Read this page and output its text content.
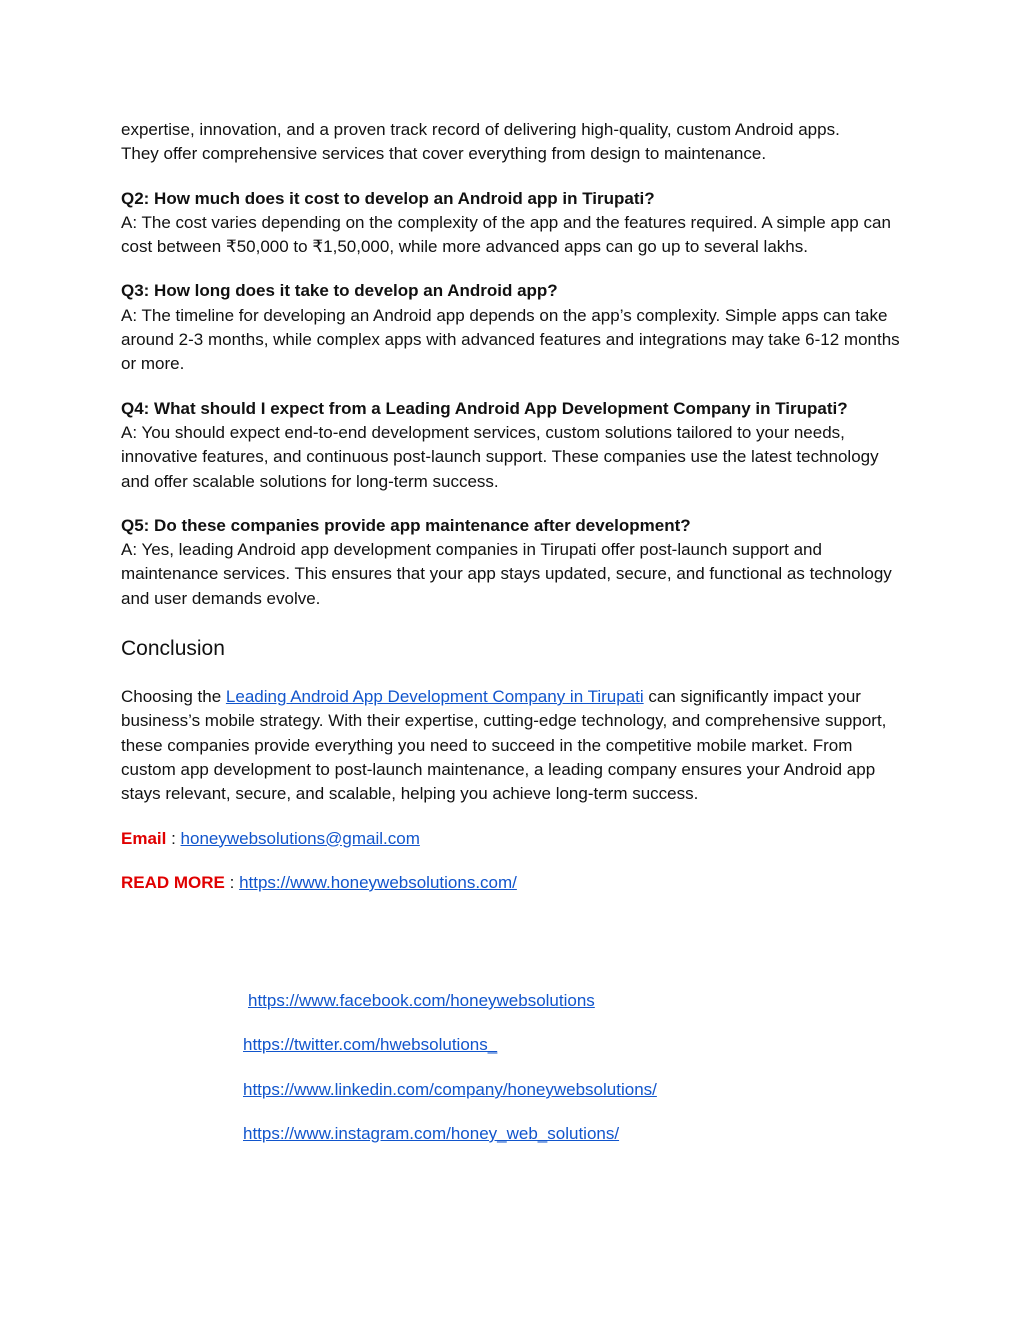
expertise, innovation, and a proven track record of delivering high-quality, custom Android apps.
They offer comprehensive services that cover everything from design to maintenance.

Q2: How much does it cost to develop an Android app in Tirupati?
A: The cost varies depending on the complexity of the app and the features required. A simple app can cost between ₹50,000 to ₹1,50,000, while more advanced apps can go up to several lakhs.

Q3: How long does it take to develop an Android app?
A: The timeline for developing an Android app depends on the app’s complexity. Simple apps can take around 2-3 months, while complex apps with advanced features and integrations may take 6-12 months or more.

Q4: What should I expect from a Leading Android App Development Company in Tirupati?
A: You should expect end-to-end development services, custom solutions tailored to your needs, innovative features, and continuous post-launch support. These companies use the latest technology and offer scalable solutions for long-term success.

Q5: Do these companies provide app maintenance after development?
A: Yes, leading Android app development companies in Tirupati offer post-launch support and maintenance services. This ensures that your app stays updated, secure, and functional as technology and user demands evolve.

Conclusion

Choosing the Leading Android App Development Company in Tirupati can significantly impact your business’s mobile strategy. With their expertise, cutting-edge technology, and comprehensive support, these companies provide everything you need to succeed in the competitive mobile market. From custom app development to post-launch maintenance, a leading company ensures your Android app stays relevant, secure, and scalable, helping you achieve long-term success.

Email : honeywebsolutions@gmail.com

READ MORE : https://www.honeywebsolutions.com/

https://www.facebook.com/honeywebsolutions
https://twitter.com/hwebsolutions_
https://www.linkedin.com/company/honeywebsolutions/
https://www.instagram.com/honey_web_solutions/
